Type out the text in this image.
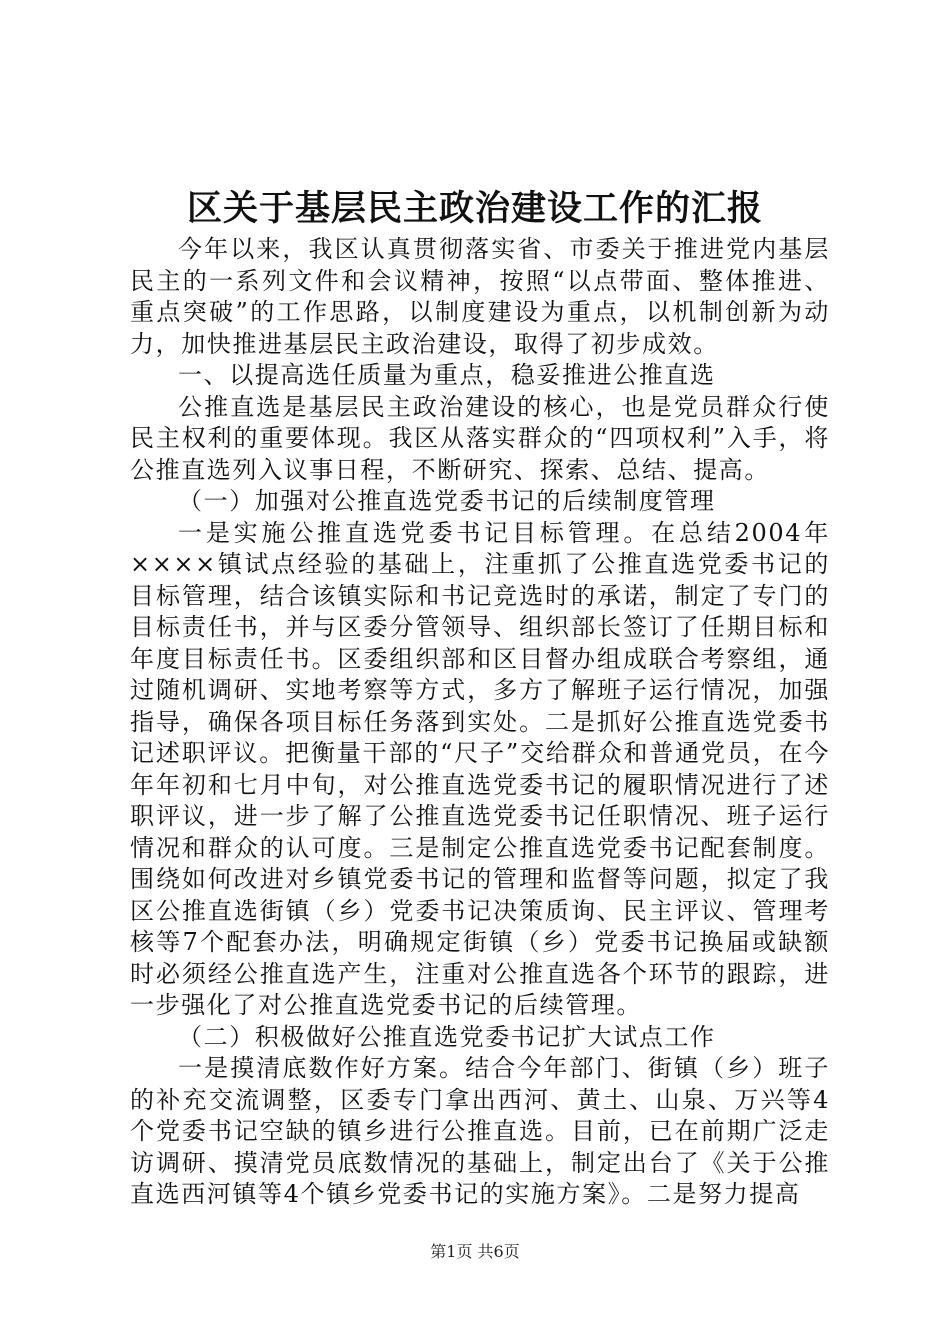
区关于基层民主政治建设工作的汇报

今年以来，我区认真贯彻落实省、市委关于推进党内基层民主的一系列文件和会议精神，按照“以点带面、整体推进、重点突破”的工作思路，以制度建设为重点，以机制创新为动力，加快推进基层民主政治建设，取得了初步成效。

一、以提高选任质量为重点，稳妥推进公推直选

公推直选是基层民主政治建设的核心，也是党员群众行使民主权利的重要体现。我区从落实群众的“四项权利”入手，将公推直选列入议事日程，不断研究、探索、总结、提高。

（一）加强对公推直选党委书记的后续制度管理

一是实施公推直选党委书记目标管理。在总结2004年××××镇试点经验的基础上，注重抓了公推直选党委书记的目标管理，结合该镇实际和书记竞选时的承诺，制定了专门的目标责任书，并与区委分管领导、组织部长签订了任期目标和年度目标责任书。区委组织部和区目督办组成联合考察组，通过随机调研、实地考察等方式，多方了解班子运行情况，加强指导，确保各项目标任务落到实处。二是抓好公推直选党委书记述职评议。把衡量干部的“尺子”交给群众和普通党员，在今年年初和七月中旬，对公推直选党委书记的履职情况进行了述职评议，进一步了解了公推直选党委书记任职情况、班子运行情况和群众的认可度。三是制定公推直选党委书记配套制度。围绕如何改进对乡镇党委书记的管理和监督等问题，拟定了我区公推直选街镇（乡）党委书记决策质询、民主评议、管理考核等7个配套办法，明确规定街镇（乡）党委书记换届或缺额时必须经公推直选产生，注重对公推直选各个环节的跟踪，进一步强化了对公推直选党委书记的后续管理。

（二）积极做好公推直选党委书记扩大试点工作

一是摸清底数作好方案。结合今年部门、街镇（乡）班子的补充交流调整，区委专门拿出西河、黄土、山泉、万兴等4个党委书记空缺的镇乡进行公推直选。目前，已在前期广泛走访调研、摸清党员底数情况的基础上，制定出台了《关于公推直选西河镇等4个镇乡党委书记的实施方案》。二是努力提高

第1页 共6页
